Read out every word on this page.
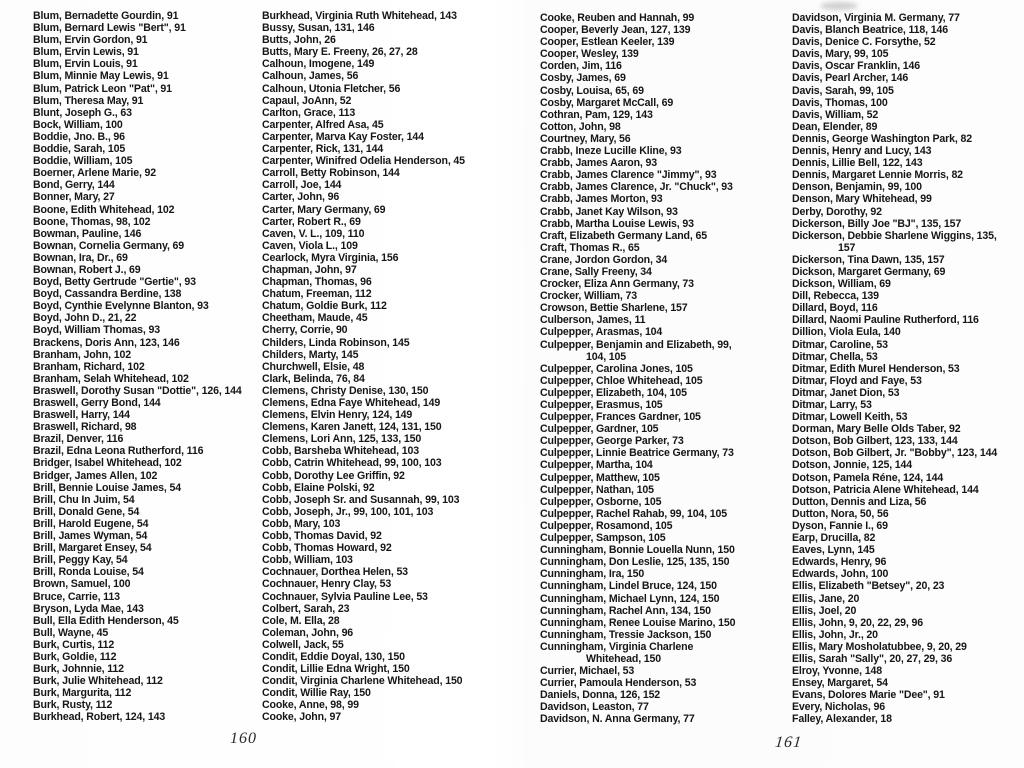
Blum, Bernadette Gourdin, 91
Blum, Bernard Lewis "Bert", 91
Blum, Ervin Gordon, 91
Blum, Ervin Lewis, 91
Blum, Ervin Louis, 91
Blum, Minnie May Lewis, 91
Blum, Patrick Leon "Pat", 91
Blum, Theresa May, 91
Blunt, Joseph G., 63
Bock, William, 100
Boddie, Jno. B., 96
Boddie, Sarah, 105
Boddie, William, 105
Boerner, Arlene Marie, 92
Bond, Gerry, 144
Bonner, Mary, 27
Boone, Edith Whitehead, 102
Boone, Thomas, 98, 102
Bowman, Pauline, 146
Bownan, Cornelia Germany, 69
Bownan, Ira, Dr., 69
Bownan, Robert J., 69
Boyd, Betty Gertrude "Gertie", 93
Boyd, Cassandra Berdine, 138
Boyd, Cynthie Evelynne Blanton, 93
Boyd, John D., 21, 22
Boyd, William Thomas, 93
Brackens, Doris Ann, 123, 146
Branham, John, 102
Branham, Richard, 102
Branham, Selah Whitehead, 102
Braswell, Dorothy Susan "Dottie", 126, 144
Braswell, Gerry Bond, 144
Braswell, Harry, 144
Braswell, Richard, 98
Brazil, Denver, 116
Brazil, Edna Leona Rutherford, 116
Bridger, Isabel Whitehead, 102
Bridger, James Allen, 102
Brill, Bennie Louise James, 54
Brill, Chu In Juim, 54
Brill, Donald Gene, 54
Brill, Harold Eugene, 54
Brill, James Wyman, 54
Brill, Margaret Ensey, 54
Brill, Peggy Kay, 54
Brill, Ronda Louise, 54
Brown, Samuel, 100
Bruce, Carrie, 113
Bryson, Lyda Mae, 143
Bull, Ella Edith Henderson, 45
Bull, Wayne, 45
Burk, Curtis, 112
Burk, Goldie, 112
Burk, Johnnie, 112
Burk, Julie Whitehead, 112
Burk, Margurita, 112
Burk, Rusty, 112
Burkhead, Robert, 124, 143
Burkhead, Virginia Ruth Whitehead, 143
Bussy, Susan, 131, 146
Butts, John, 26
Butts, Mary E. Freeny, 26, 27, 28
Calhoun, Imogene, 149
Calhoun, James, 56
Calhoun, Utonia Fletcher, 56
Capaul, JoAnn, 52
Carlton, Grace, 113
Carpenter, Alfred Asa, 45
Carpenter, Marva Kay Foster, 144
Carpenter, Rick, 131, 144
Carpenter, Winifred Odelia Henderson, 45
Carroll, Betty Robinson, 144
Carroll, Joe, 144
Carter, John, 96
Carter, Mary Germany, 69
Carter, Robert R., 69
Caven, V. L., 109, 110
Caven, Viola L., 109
Cearlock, Myra Virginia, 156
Chapman, John, 97
Chapman, Thomas, 96
Chatum, Freeman, 112
Chatum, Goldie Burk, 112
Cheetham, Maude, 45
Cherry, Corrie, 90
Childers, Linda Robinson, 145
Childers, Marty, 145
Churchwell, Elsie, 48
Clark, Belinda, 76, 84
Clemens, Christy Denise, 130, 150
Clemens, Edna Faye Whitehead, 149
Clemens, Elvin Henry, 124, 149
Clemens, Karen Janett, 124, 131, 150
Clemens, Lori Ann, 125, 133, 150
Cobb, Barsheba Whitehead, 103
Cobb, Catrin Whitehead, 99, 100, 103
Cobb, Dorothy Lee Griffin, 92
Cobb, Elaine Polski, 92
Cobb, Joseph Sr. and Susannah, 99, 103
Cobb, Joseph, Jr., 99, 100, 101, 103
Cobb, Mary, 103
Cobb, Thomas David, 92
Cobb, Thomas Howard, 92
Cobb, William, 103
Cochnauer, Dorthea Helen, 53
Cochnauer, Henry Clay, 53
Cochnauer, Sylvia Pauline Lee, 53
Colbert, Sarah, 23
Cole, M. Ella, 28
Coleman, John, 96
Colwell, Jack, 55
Condit, Eddie Doyal, 130, 150
Condit, Lillie Edna Wright, 150
Condit, Virginia Charlene Whitehead, 150
Condit, Willie Ray, 150
Cooke, Anne, 98, 99
Cooke, John, 97
Cooke, Reuben and Hannah, 99
Cooper, Beverly Jean, 127, 139
Cooper, Estlean Keeler, 139
Cooper, Wesley, 139
Corden, Jim, 116
Cosby, James, 69
Cosby, Louisa, 65, 69
Cosby, Margaret McCall, 69
Cothran, Pam, 129, 143
Cotton, John, 98
Courtney, Mary, 56
Crabb, Ineze Lucille Kline, 93
Crabb, James Aaron, 93
Crabb, James Clarence "Jimmy", 93
Crabb, James Clarence, Jr. "Chuck", 93
Crabb, James Morton, 93
Crabb, Janet Kay Wilson, 93
Crabb, Martha Louise Lewis, 93
Craft, Elizabeth Germany Land, 65
Craft, Thomas R., 65
Crane, Jordon Gordon, 34
Crane, Sally Freeny, 34
Crocker, Eliza Ann Germany, 73
Crocker, William, 73
Crowson, Bettie Sharlene, 157
Culberson, James, 11
Culpepper, Arasmas, 104
Culpepper, Benjamin and Elizabeth, 99,
104, 105
Culpepper, Carolina Jones, 105
Culpepper, Chloe Whitehead, 105
Culpepper, Elizabeth, 104, 105
Culpepper, Erasmus, 105
Culpepper, Frances Gardner, 105
Culpepper, Gardner, 105
Culpepper, George Parker, 73
Culpepper, Linnie Beatrice Germany, 73
Culpepper, Martha, 104
Culpepper, Matthew, 105
Culpepper, Nathan, 105
Culpepper, Osborne, 105
Culpepper, Rachel Rahab, 99, 104, 105
Culpepper, Rosamond, 105
Culpepper, Sampson, 105
Cunningham, Bonnie Louella Nunn, 150
Cunningham, Don Leslie, 125, 135, 150
Cunningham, Ira, 150
Cunningham, Lindel Bruce, 124, 150
Cunningham, Michael Lynn, 124, 150
Cunningham, Rachel Ann, 134, 150
Cunningham, Renee Louise Marino, 150
Cunningham, Tressie Jackson, 150
Cunningham, Virginia Charlene
Whitehead, 150
Currier, Michael, 53
Currier, Pamoula Henderson, 53
Daniels, Donna, 126, 152
Davidson, Leaston, 77
Davidson, N. Anna Germany, 77
Davidson, Virginia M. Germany, 77
Davis, Blanch Beatrice, 118, 146
Davis, Denice C. Forsythe, 52
Davis, Mary, 99, 105
Davis, Oscar Franklin, 146
Davis, Pearl Archer, 146
Davis, Sarah, 99, 105
Davis, Thomas, 100
Davis, William, 52
Dean, Elender, 89
Dennis, George Washington Park, 82
Dennis, Henry and Lucy, 143
Dennis, Lillie Bell, 122, 143
Dennis, Margaret Lennie Morris, 82
Denson, Benjamin, 99, 100
Denson, Mary Whitehead, 99
Derby, Dorothy, 92
Dickerson, Billy Joe "BJ", 135, 157
Dickerson, Debbie Sharlene Wiggins, 135,
157
Dickerson, Tina Dawn, 135, 157
Dickson, Margaret Germany, 69
Dickson, William, 69
Dill, Rebecca, 139
Dillard, Boyd, 116
Dillard, Naomi Pauline Rutherford, 116
Dillion, Viola Eula, 140
Ditmar, Caroline, 53
Ditmar, Chella, 53
Ditmar, Edith Murel Henderson, 53
Ditmar, Floyd and Faye, 53
Ditmar, Janet Dion, 53
Ditmar, Larry, 53
Ditmar, Lowell Keith, 53
Dorman, Mary Belle Olds Taber, 92
Dotson, Bob Gilbert, 123, 133, 144
Dotson, Bob Gilbert, Jr. "Bobby", 123, 144
Dotson, Jonnie, 125, 144
Dotson, Pamela Réne, 124, 144
Dotson, Patricia Alene Whitehead, 144
Dutton, Dennis and Liza, 56
Dutton, Nora, 50, 56
Dyson, Fannie I., 69
Earp, Drucilla, 82
Eaves, Lynn, 145
Edwards, Henry, 96
Edwards, John, 100
Ellis, Elizabeth "Betsey", 20, 23
Ellis, Jane, 20
Ellis, Joel, 20
Ellis, John, 9, 20, 22, 29, 96
Ellis, John, Jr., 20
Ellis, Mary Mosholatubbee, 9, 20, 29
Ellis, Sarah "Sally", 20, 27, 29, 36
Elroy, Yvonne, 148
Ensey, Margaret, 54
Evans, Dolores Marie "Dee", 91
Every, Nicholas, 96
Falley, Alexander, 18
160	161
